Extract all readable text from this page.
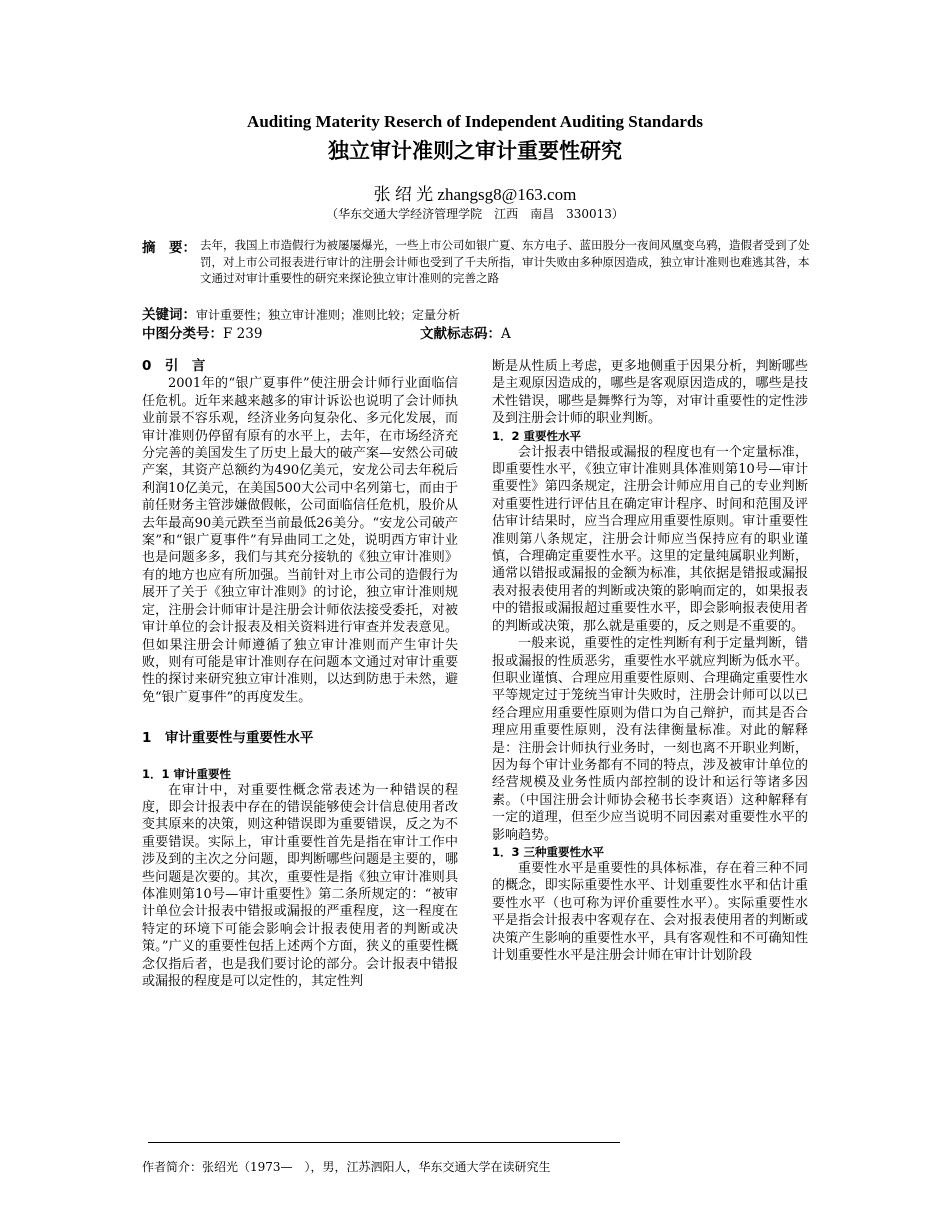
Auditing Materity Reserch of Independent Auditing Standards
独立审计准则之审计重要性研究
张 绍 光 zhangsg8@163.com
（华东交通大学经济管理学院　江西　南昌　330013）
摘　要： 去年，我国上市造假行为被屡屡爆光，一些上市公司如银广夏、东方电子、蓝田股分一夜间风凰变乌鸦，造假者受到了处罚，对上市公司报表进行审计的注册会计师也受到了千夫所指，审计失败由多种原因造成，独立审计准则也难逃其咎，本文通过对审计重要性的研究来探论独立审计准则的完善之路
关键词：审计重要性；独立审计准则；准则比较；定量分析
中图分类号：F 239	文献标志码：A

0　引　言

2001年的“银广夏事件”使注册会计师行业面临信任危机。近年来越来越多的审计诉讼也说明了会计师执业前景不容乐观，经济业务向复杂化、多元化发展，而审计准则仍停留有原有的水平上，去年，在市场经济充分完善的美国发生了历史上最大的破产案—安然公司破产案，其资产总额约为490亿美元，安龙公司去年税后利润10亿美元，在美国500大公司中名列第七，而由于前任财务主管涉嫌做假帐，公司面临信任危机，股价从去年最高90美元跌至当前最低26美分。“安龙公司破产案”和“银广夏事件”有异曲同工之处，说明西方审计业也是问题多多，我们与其充分接轨的《独立审计准则》有的地方也应有所加强。当前针对上市公司的造假行为展开了关于《独立审计准则》的讨论，独立审计准则规定，注册会计师审计是注册会计师依法接受委托，对被审计单位的会计报表及相关资料进行审查并发表意见。但如果注册会计师遵循了独立审计准则而产生审计失败，则有可能是审计准则存在问题本文通过对审计重要性的探讨来研究独立审计准则，以达到防患于未然，避免“银广夏事件”的再度发生。

1　审计重要性与重要性水平

1．1 审计重要性

在审计中，对重要性概念常表述为一种错误的程度，即会计报表中存在的错误能够使会计信息使用者改变其原来的决策，则这种错误即为重要错误，反之为不重要错误。实际上，审计重要性首先是指在审计工作中涉及到的主次之分问题，即判断哪些问题是主要的，哪些问题是次要的。其次，重要性是指《独立审计准则具体准则第10号—审计重要性》第二条所规定的：“被审计单位会计报表中错报或漏报的严重程度，这一程度在特定的环境下可能会影响会计报表使用者的判断或决策。”广义的重要性包括上述两个方面，狭义的重要性概念仅指后者，也是我们要讨论的部分。会计报表中错报或漏报的程度是可以定性的，其定性判

断是从性质上考虑，更多地侧重于因果分析，判断哪些是主观原因造成的，哪些是客观原因造成的，哪些是技术性错误，哪些是舞弊行为等，对审计重要性的定性涉及到注册会计师的职业判断。

1．2 重要性水平

会计报表中错报或漏报的程度也有一个定量标准，即重要性水平，《独立审计准则具体准则第10号—审计重要性》第四条规定，注册会计师应用自己的专业判断对重要性进行评估且在确定审计程序、时间和范围及评估审计结果时，应当合理应用重要性原则。审计重要性准则第八条规定，注册会计师应当保持应有的职业谨慎，合理确定重要性水平。这里的定量纯属职业判断，通常以错报或漏报的金额为标准，其依据是错报或漏报表对报表使用者的判断或决策的影响而定的，如果报表中的错报或漏报超过重要性水平，即会影响报表使用者的判断或决策，那么就是重要的，反之则是不重要的。

一般来说，重要性的定性判断有利于定量判断，错报或漏报的性质恶劣，重要性水平就应判断为低水平。但职业谨慎、合理应用重要性原则、合理确定重要性水平等规定过于笼统当审计失败时，注册会计师可以以已经合理应用重要性原则为借口为自己辩护，而其是否合理应用重要性原则，没有法律衡量标准。对此的解释是：注册会计师执行业务时，一刻也离不开职业判断，因为每个审计业务都有不同的特点，涉及被审计单位的经营规模及业务性质内部控制的设计和运行等诸多因素。（中国注册会计师协会秘书长李爽语）这种解释有一定的道理，但至少应当说明不同因素对重要性水平的影响趋势。

1．3 三种重要性水平

重要性水平是重要性的具体标准，存在着三种不同的概念，即实际重要性水平、计划重要性水平和估计重要性水平（也可称为评价重要性水平）。实际重要性水平是指会计报表中客观存在、会对报表使用者的判断或决策产生影响的重要性水平，具有客观性和不可确知性计划重要性水平是注册会计师在审计计划阶段

作者简介：张绍光（1973—　），男，江苏泗阳人，华东交通大学在读研究生
